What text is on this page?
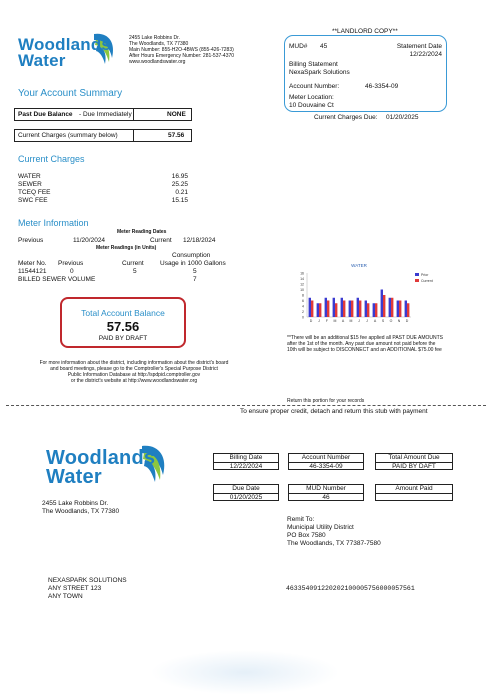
Woodlands
Water
2455 Lake Robbins Dr.
The Woodlands, TX 77380
Main Number: 855-H2O-4BWS (855-426-7283)
After Hours Emergency Number: 281-537-4370
www.woodlandswater.org
**LANDLORD COPY**
MUD# 45	Statement Date
12/22/2024
Billing Statement
NexaSpark Solutions
Account Number:	46-3354-09
Meter Location:
10 Douvaine Ct
Current Charges Due: 01/20/2025
Your Account Summary
Past Due Balance - Due Immediately	NONE
Current Charges (summary below)	57.56
Current Charges
WATER	16.95
SEWER	25.25
TCEQ FEE	0.21
SWC FEE	15.15
Meter Information
Meter Reading Dates
Previous	11/20/2024	Current 12/18/2024
Meter Readings (in Units)
Consumption
Meter No. Previous	Current	Usage in 1000 Gallons
11544121	0	5	5
BILLED SEWER VOLUME	7
Total Account Balance
57.56
PAID BY DRAFT
For more information about the district, including information about the district's board
and board meetings, please go to the Comptroller's Special Purpose District
Public Information Database at http://spdpid.comptroller.gov
or the district's website at http://www.woodlandswater.org
WATER
0
2
4
6
8
10
12
14
16
D J F M A M J J A S O N D
Prior
Current
**There will be an additional $15 fee applied all PAST DUE AMOUNTS
after the 1st of the month. Any past due amount not paid before the
10th will be subject to DISCONNECT and an ADDITIONAL $75.00 fee
Return this portion for your records
To ensure proper credit, detach and return this stub with payment
Woodlands
Water
2455 Lake Robbins Dr.
The Woodlands, TX 77380
Billing Date
12/22/2024
Account Number
46-3354-09
Total Amount Due
PAID BY DAFT
Due Date
01/20/2025
MUD Number
46
Amount Paid
Remit To:
Municipal Utility District
PO Box 7580
The Woodlands, TX 77387-7580
NEXASPARK SOLUTIONS
ANY STREET 123
ANY TOWN
463354091220202100005756000057561
